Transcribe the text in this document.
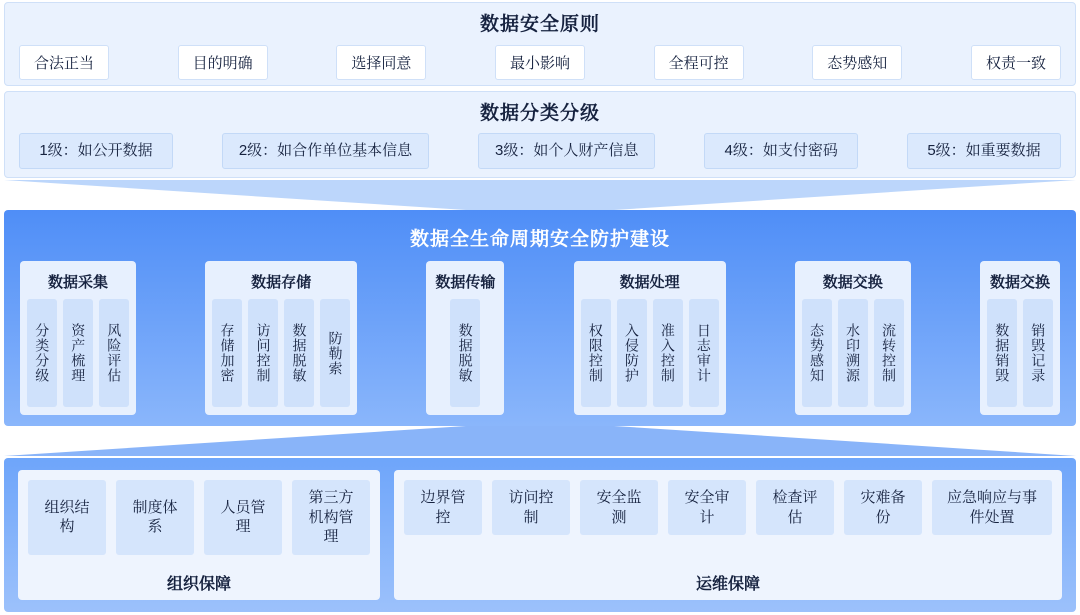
数据安全原则
合法正当	目的明确	选择同意	最小影响	全程可控	态势感知	权责一致
数据分类分级
1级：如公开数据	2级：如合作单位基本信息	3级：如个人财产信息	4级：如支付密码	5级：如重要数据
数据全生命周期安全防护建设
数据采集
分类分级	资产梳理	风险评估
数据存储
存储加密	访问控制	数据脱敏	防勒索
数据传输
数据脱敏
数据处理
权限控制	入侵防护	准入控制	日志审计
数据交换
态势感知	水印溯源	流转控制
数据交换
数据销毁	销毁记录
组织结构
制度体系
人员管理
第三方机构管理
组织保障
边界管控
访问控制
安全监测
安全审计
检查评估
灾难备份
应急响应与事件处置
运维保障
